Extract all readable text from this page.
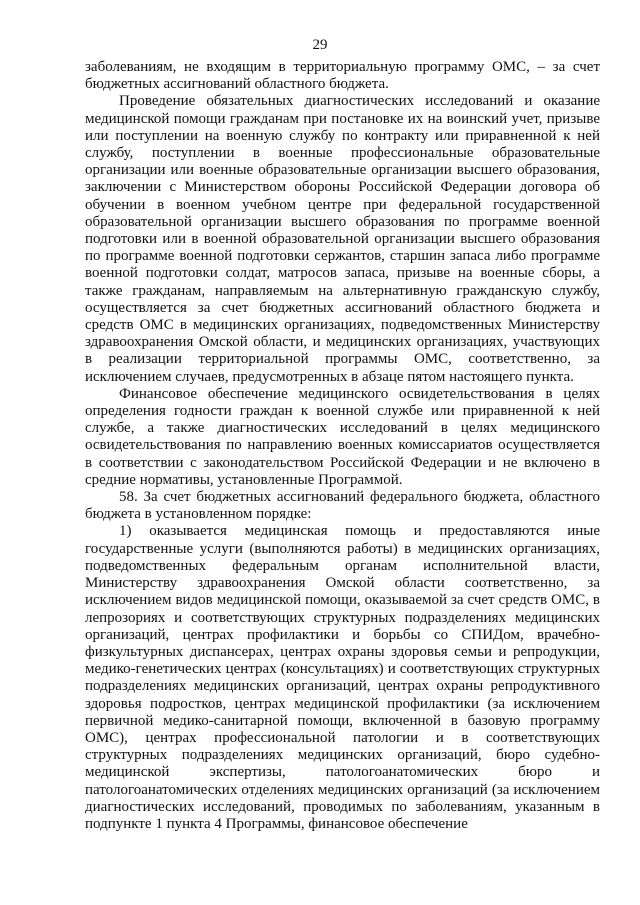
29

заболеваниям, не входящим в территориальную программу ОМС, – за счет бюджетных ассигнований областного бюджета.

Проведение обязательных диагностических исследований и оказание медицинской помощи гражданам при постановке их на воинский учет, призыве или поступлении на военную службу по контракту или приравненной к ней службу, поступлении в военные профессиональные образовательные организации или военные образовательные организации высшего образования, заключении с Министерством обороны Российской Федерации договора об обучении в военном учебном центре при федеральной государственной образовательной организации высшего образования по программе военной подготовки или в военной образовательной организации высшего образования по программе военной подготовки сержантов, старшин запаса либо программе военной подготовки солдат, матросов запаса, призыве на военные сборы, а также гражданам, направляемым на альтернативную гражданскую службу, осуществляется за счет бюджетных ассигнований областного бюджета и средств ОМС в медицинских организациях, подведомственных Министерству здравоохранения Омской области, и медицинских организациях, участвующих в реализации территориальной программы ОМС, соответственно, за исключением случаев, предусмотренных в абзаце пятом настоящего пункта.

Финансовое обеспечение медицинского освидетельствования в целях определения годности граждан к военной службе или приравненной к ней службе, а также диагностических исследований в целях медицинского освидетельствования по направлению военных комиссариатов осуществляется в соответствии с законодательством Российской Федерации и не включено в средние нормативы, установленные Программой.

58. За счет бюджетных ассигнований федерального бюджета, областного бюджета в установленном порядке:

1) оказывается медицинская помощь и предоставляются иные государственные услуги (выполняются работы) в медицинских организациях, подведомственных федеральным органам исполнительной власти, Министерству здравоохранения Омской области соответственно, за исключением видов медицинской помощи, оказываемой за счет средств ОМС, в лепрозориях и соответствующих структурных подразделениях медицинских организаций, центрах профилактики и борьбы со СПИДом, врачебно-физкультурных диспансерах, центрах охраны здоровья семьи и репродукции, медико-генетических центрах (консультациях) и соответствующих структурных подразделениях медицинских организаций, центрах охраны репродуктивного здоровья подростков, центрах медицинской профилактики (за исключением первичной медико-санитарной помощи, включенной в базовую программу ОМС), центрах профессиональной патологии и в соответствующих структурных подразделениях медицинских организаций, бюро судебно-медицинской экспертизы, патологоанатомических бюро и патологоанатомических отделениях медицинских организаций (за исключением диагностических исследований, проводимых по заболеваниям, указанным в подпункте 1 пункта 4 Программы, финансовое обеспечение
